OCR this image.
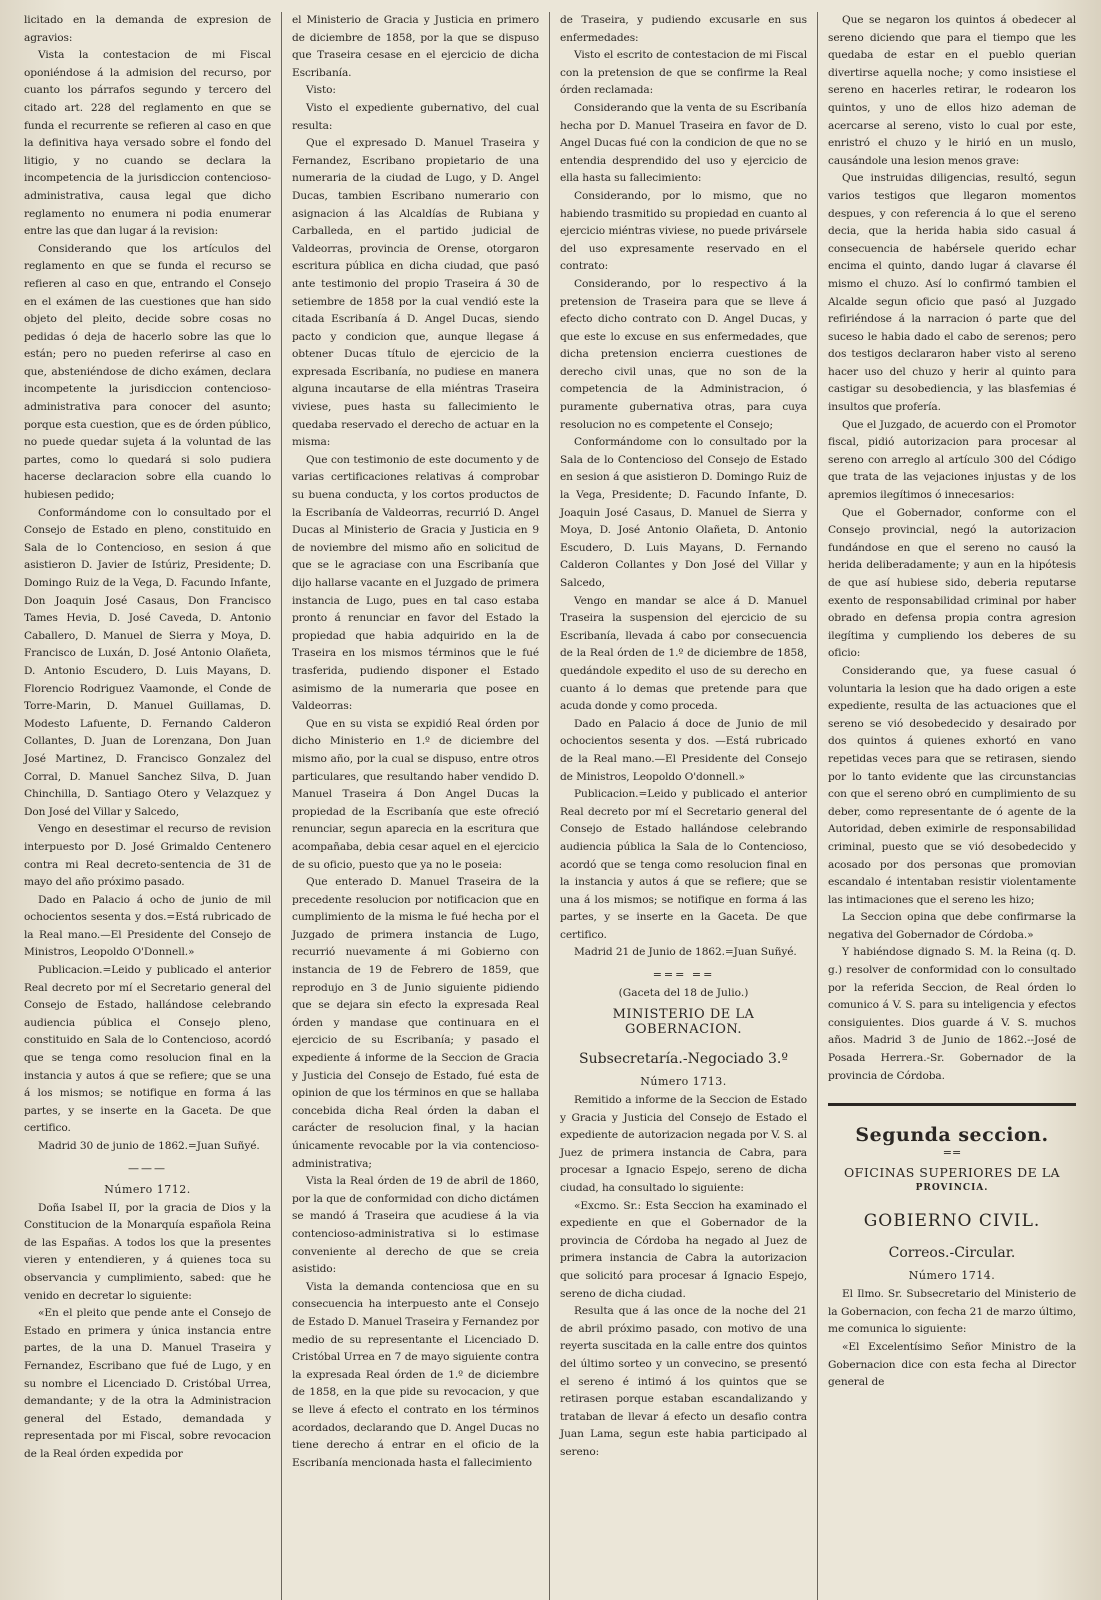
licitado en la demanda de expresion de agravios:

Vista la contestacion de mi Fiscal oponiéndose á la admision del recurso, por cuanto los párrafos segundo y tercero del citado art. 228 del reglamento en que se funda el recurrente se refieren al caso en que la definitiva haya versado sobre el fondo del litigio, y no cuando se declara la incompetencia de la jurisdiccion contencioso-administrativa, causa legal que dicho reglamento no enumera ni podia enumerar entre las que dan lugar á la revision:

Considerando que los artículos del reglamento en que se funda el recurso se refieren al caso en que, entrando el Consejo en el exámen de las cuestiones que han sido objeto del pleito, decide sobre cosas no pedidas ó deja de hacerlo sobre las que lo están; pero no pueden referirse al caso en que, absteniéndose de dicho exámen, declara incompetente la jurisdiccion contencioso-administrativa para conocer del asunto; porque esta cuestion, que es de órden público, no puede quedar sujeta á la voluntad de las partes, como lo quedará si solo pudiera hacerse declaracion sobre ella cuando lo hubiesen pedido;

Conformándome con lo consultado por el Consejo de Estado en pleno, constituido en Sala de lo Contencioso, en sesion á que asistieron D. Javier de Istúriz, Presidente; D. Domingo Ruiz de la Vega, D. Facundo Infante, Don Joaquin José Casaus, Don Francisco Tames Hevia, D. José Caveda, D. Antonio Caballero, D. Manuel de Sierra y Moya, D. Francisco de Luxán, D. José Antonio Olañeta, D. Antonio Escudero, D. Luis Mayans, D. Florencio Rodriguez Vaamonde, el Conde de Torre-Marin, D. Manuel Guillamas, D. Modesto Lafuente, D. Fernando Calderon Collantes, D. Juan de Lorenzana, Don Juan José Martinez, D. Francisco Gonzalez del Corral, D. Manuel Sanchez Silva, D. Juan Chinchilla, D. Santiago Otero y Velazquez y Don José del Villar y Salcedo,

Vengo en desestimar el recurso de revision interpuesto por D. José Grimaldo Centenero contra mi Real decreto-sentencia de 31 de mayo del año próximo pasado.

Dado en Palacio á ocho de junio de mil ochocientos sesenta y dos.=Está rubricado de la Real mano.—El Presidente del Consejo de Ministros, Leopoldo O'Donnell.»

Publicacion.=Leido y publicado el anterior Real decreto por mí el Secretario general del Consejo de Estado, hallándose celebrando audiencia pública el Consejo pleno, constituido en Sala de lo Contencioso, acordó que se tenga como resolucion final en la instancia y autos á que se refiere; que se una á los mismos; se notifique en forma á las partes, y se inserte en la Gaceta. De que certifico.

Madrid 30 de junio de 1862.=Juan Suñyé.

———
Número 1712.

Doña Isabel II, por la gracia de Dios y la Constitucion de la Monarquía española Reina de las Españas. A todos los que la presentes vieren y entendieren, y á quienes toca su observancia y cumplimiento, sabed: que he venido en decretar lo siguiente:

«En el pleito que pende ante el Consejo de Estado en primera y única instancia entre partes, de la una D. Manuel Traseira y Fernandez, Escribano que fué de Lugo, y en su nombre el Licenciado D. Cristóbal Urrea, demandante; y de la otra la Administracion general del Estado, demandada y representada por mi Fiscal, sobre revocacion de la Real órden expedida por

el Ministerio de Gracia y Justicia en primero de diciembre de 1858, por la que se dispuso que Traseira cesase en el ejercicio de dicha Escribanía.

Visto:

Visto el expediente gubernativo, del cual resulta:

Que el expresado D. Manuel Traseira y Fernandez, Escribano propietario de una numeraria de la ciudad de Lugo, y D. Angel Ducas, tambien Escribano numerario con asignacion á las Alcaldías de Rubiana y Carballeda, en el partido judicial de Valdeorras, provincia de Orense, otorgaron escritura pública en dicha ciudad, que pasó ante testimonio del propio Traseira á 30 de setiembre de 1858 por la cual vendió este la citada Escribanía á D. Angel Ducas, siendo pacto y condicion que, aunque llegase á obtener Ducas título de ejercicio de la expresada Escribanía, no pudiese en manera alguna incautarse de ella miéntras Traseira viviese, pues hasta su fallecimiento le quedaba reservado el derecho de actuar en la misma:

Que con testimonio de este documento y de varias certificaciones relativas á comprobar su buena conducta, y los cortos productos de la Escribanía de Valdeorras, recurrió D. Angel Ducas al Ministerio de Gracia y Justicia en 9 de noviembre del mismo año en solicitud de que se le agraciase con una Escribanía que dijo hallarse vacante en el Juzgado de primera instancia de Lugo, pues en tal caso estaba pronto á renunciar en favor del Estado la propiedad que habia adquirido en la de Traseira en los mismos términos que le fué trasferida, pudiendo disponer el Estado asimismo de la numeraria que posee en Valdeorras:

Que en su vista se expidió Real órden por dicho Ministerio en 1.º de diciembre del mismo año, por la cual se dispuso, entre otros particulares, que resultando haber vendido D. Manuel Traseira á Don Angel Ducas la propiedad de la Escribanía que este ofreció renunciar, segun aparecia en la escritura que acompañaba, debia cesar aquel en el ejercicio de su oficio, puesto que ya no le poseia:

Que enterado D. Manuel Traseira de la precedente resolucion por notificacion que en cumplimiento de la misma le fué hecha por el Juzgado de primera instancia de Lugo, recurrió nuevamente á mi Gobierno con instancia de 19 de Febrero de 1859, que reprodujo en 3 de Junio siguiente pidiendo que se dejara sin efecto la expresada Real órden y mandase que continuara en el ejercicio de su Escribanía; y pasado el expediente á informe de la Seccion de Gracia y Justicia del Consejo de Estado, fué esta de opinion de que los términos en que se hallaba concebida dicha Real órden la daban el carácter de resolucion final, y la hacian únicamente revocable por la via contencioso-administrativa;

Vista la Real órden de 19 de abril de 1860, por la que de conformidad con dicho dictámen se mandó á Traseira que acudiese á la via contencioso-administrativa si lo estimase conveniente al derecho de que se creia asistido:

Vista la demanda contenciosa que en su consecuencia ha interpuesto ante el Consejo de Estado D. Manuel Traseira y Fernandez por medio de su representante el Licenciado D. Cristóbal Urrea en 7 de mayo siguiente contra la expresada Real órden de 1.º de diciembre de 1858, en la que pide su revocacion, y que se lleve á efecto el contrato en los términos acordados, declarando que D. Angel Ducas no tiene derecho á entrar en el oficio de la Escribanía mencionada hasta el fallecimiento

de Traseira, y pudiendo excusarle en sus enfermedades:

Visto el escrito de contestacion de mi Fiscal con la pretension de que se confirme la Real órden reclamada:

Considerando que la venta de su Escribanía hecha por D. Manuel Traseira en favor de D. Angel Ducas fué con la condicion de que no se entendia desprendido del uso y ejercicio de ella hasta su fallecimiento:

Considerando, por lo mismo, que no habiendo trasmitido su propiedad en cuanto al ejercicio miéntras viviese, no puede privársele del uso expresamente reservado en el contrato:

Considerando, por lo respectivo á la pretension de Traseira para que se lleve á efecto dicho contrato con D. Angel Ducas, y que este lo excuse en sus enfermedades, que dicha pretension encierra cuestiones de derecho civil unas, que no son de la competencia de la Administracion, ó puramente gubernativa otras, para cuya resolucion no es competente el Consejo;

Conformándome con lo consultado por la Sala de lo Contencioso del Consejo de Estado en sesion á que asistieron D. Domingo Ruiz de la Vega, Presidente; D. Facundo Infante, D. Joaquin José Casaus, D. Manuel de Sierra y Moya, D. José Antonio Olañeta, D. Antonio Escudero, D. Luis Mayans, D. Fernando Calderon Collantes y Don José del Villar y Salcedo,

Vengo en mandar se alce á D. Manuel Traseira la suspension del ejercicio de su Escribanía, llevada á cabo por consecuencia de la Real órden de 1.º de diciembre de 1858, quedándole expedito el uso de su derecho en cuanto á lo demas que pretende para que acuda donde y como proceda.

Dado en Palacio á doce de Junio de mil ochocientos sesenta y dos. —Está rubricado de la Real mano.—El Presidente del Consejo de Ministros, Leopoldo O'donnell.»

Publicacion.=Leido y publicado el anterior Real decreto por mí el Secretario general del Consejo de Estado hallándose celebrando audiencia pública la Sala de lo Contencioso, acordó que se tenga como resolucion final en la instancia y autos á que se refiere; que se una á los mismos; se notifique en forma á las partes, y se inserte en la Gaceta. De que certifico.

Madrid 21 de Junio de 1862.=Juan Suñyé.

=== ==
(Gaceta del 18 de Julio.)
MINISTERIO DE LA GOBERNACION.
Subsecretaría.-Negociado 3.º
Número 1713.

Remitido a informe de la Seccion de Estado y Gracia y Justicia del Consejo de Estado el expediente de autorizacion negada por V. S. al Juez de primera instancia de Cabra, para procesar a Ignacio Espejo, sereno de dicha ciudad, ha consultado lo siguiente:

«Excmo. Sr.: Esta Seccion ha examinado el expediente en que el Gobernador de la provincia de Córdoba ha negado al Juez de primera instancia de Cabra la autorizacion que solicitó para procesar á Ignacio Espejo, sereno de dicha ciudad.

Resulta que á las once de la noche del 21 de abril próximo pasado, con motivo de una reyerta suscitada en la calle entre dos quintos del último sorteo y un convecino, se presentó el sereno é intimó á los quintos que se retirasen porque estaban escandalizando y trataban de llevar á efecto un desafio contra Juan Lama, segun este habia participado al sereno:

Que se negaron los quintos á obedecer al sereno diciendo que para el tiempo que les quedaba de estar en el pueblo querian divertirse aquella noche; y como insistiese el sereno en hacerles retirar, le rodearon los quintos, y uno de ellos hizo ademan de acercarse al sereno, visto lo cual por este, enristró el chuzo y le hirió en un muslo, causándole una lesion menos grave:

Que instruidas diligencias, resultó, segun varios testigos que llegaron momentos despues, y con referencia á lo que el sereno decia, que la herida habia sido casual á consecuencia de habérsele querido echar encima el quinto, dando lugar á clavarse él mismo el chuzo. Así lo confirmó tambien el Alcalde segun oficio que pasó al Juzgado refiriéndose á la narracion ó parte que del suceso le habia dado el cabo de serenos; pero dos testigos declararon haber visto al sereno hacer uso del chuzo y herir al quinto para castigar su desobediencia, y las blasfemias é insultos que profería.

Que el Juzgado, de acuerdo con el Promotor fiscal, pidió autorizacion para procesar al sereno con arreglo al artículo 300 del Código que trata de las vejaciones injustas y de los apremios ilegítimos ó innecesarios:

Que el Gobernador, conforme con el Consejo provincial, negó la autorizacion fundándose en que el sereno no causó la herida deliberadamente; y aun en la hipótesis de que así hubiese sido, deberia reputarse exento de responsabilidad criminal por haber obrado en defensa propia contra agresion ilegítima y cumpliendo los deberes de su oficio:

Considerando que, ya fuese casual ó voluntaria la lesion que ha dado origen a este expediente, resulta de las actuaciones que el sereno se vió desobedecido y desairado por dos quintos á quienes exhortó en vano repetidas veces para que se retirasen, siendo por lo tanto evidente que las circunstancias con que el sereno obró en cumplimiento de su deber, como representante de ó agente de la Autoridad, deben eximirle de responsabilidad criminal, puesto que se vió desobedecido y acosado por dos personas que promovian escandalo é intentaban resistir violentamente las intimaciones que el sereno les hizo;

La Seccion opina que debe confirmarse la negativa del Gobernador de Córdoba.»

Y habiéndose dignado S. M. la Reina (q. D. g.) resolver de conformidad con lo consultado por la referida Seccion, de Real órden lo comunico á V. S. para su inteligencia y efectos consiguientes. Dios guarde á V. S. muchos años. Madrid 3 de Junio de 1862.--José de Posada Herrera.-Sr. Gobernador de la provincia de Córdoba.

Segunda seccion.
==
OFICINAS SUPERIORES DE LA
PROVINCIA.
GOBIERNO CIVIL.
Correos.-Circular.
Número 1714.

El Ilmo. Sr. Subsecretario del Ministerio de la Gobernacion, con fecha 21 de marzo último, me comunica lo siguiente:

«El Excelentísimo Señor Ministro de la Gobernacion dice con esta fecha al Director general de
